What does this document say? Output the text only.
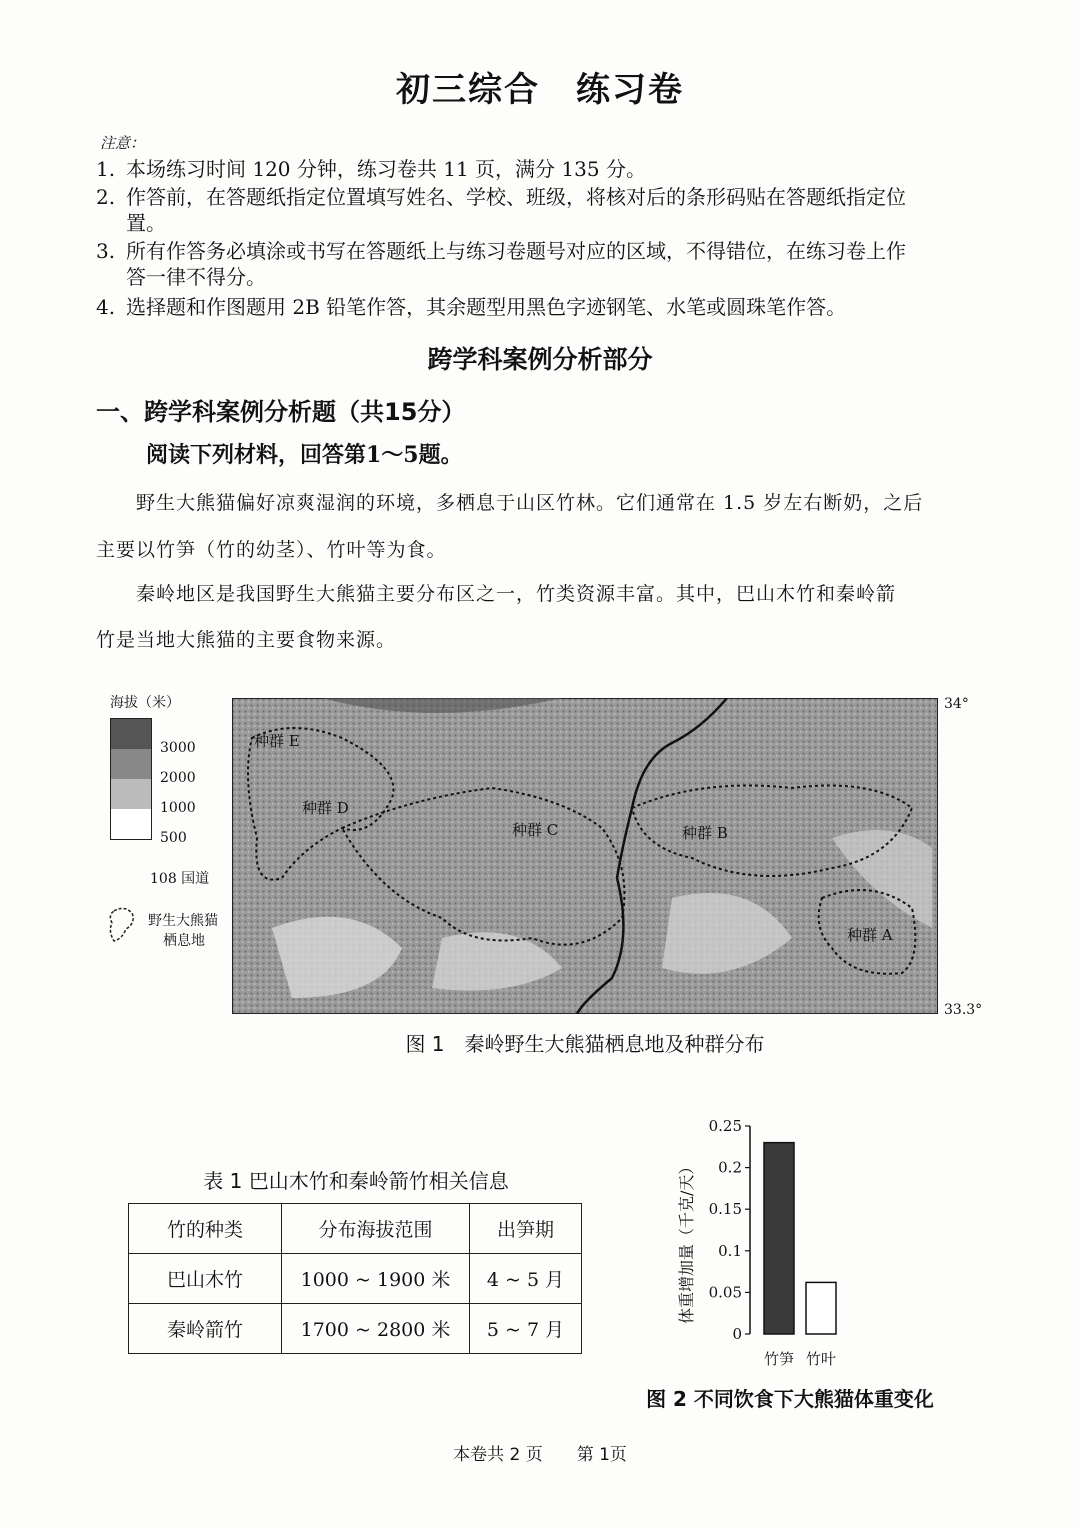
初三综合　练习卷
注意：
1. 本场练习时间 120 分钟，练习卷共 11 页，满分 135 分。
2. 作答前，在答题纸指定位置填写姓名、学校、班级，将核对后的条形码贴在答题纸指定位
置。
3. 所有作答务必填涂或书写在答题纸上与练习卷题号对应的区域，不得错位，在练习卷上作
答一律不得分。
4. 选择题和作图题用 2B 铅笔作答，其余题型用黑色字迹钢笔、水笔或圆珠笔作答。
跨学科案例分析部分
一、跨学科案例分析题（共15分）
阅读下列材料，回答第1～5题。
野生大熊猫偏好凉爽湿润的环境，多栖息于山区竹林。它们通常在 1.5 岁左右断奶，之后
主要以竹笋（竹的幼茎）、竹叶等为食。
秦岭地区是我国野生大熊猫主要分布区之一，竹类资源丰富。其中，巴山木竹和秦岭箭
竹是当地大熊猫的主要食物来源。
海拔（米）
3000
2000
1000
500
108 国道
野生大熊猫
栖息地
种群 E
种群 D
种群 C	种群 B
种群 A
34°
33.3°
图 1　秦岭野生大熊猫栖息地及种群分布
表 1 巴山木竹和秦岭箭竹相关信息
竹的种类	分布海拔范围	出笋期
巴山木竹	1000 ~ 1900 米	4 ~ 5 月
秦岭箭竹	1700 ~ 2800 米	5 ~ 7 月
体重增加量（千克/天）
0.25
0.2
0.15
0.1
0.05
0
竹笋 竹叶
图 2 不同饮食下大熊猫体重变化
本卷共 2 页　　第 1页
